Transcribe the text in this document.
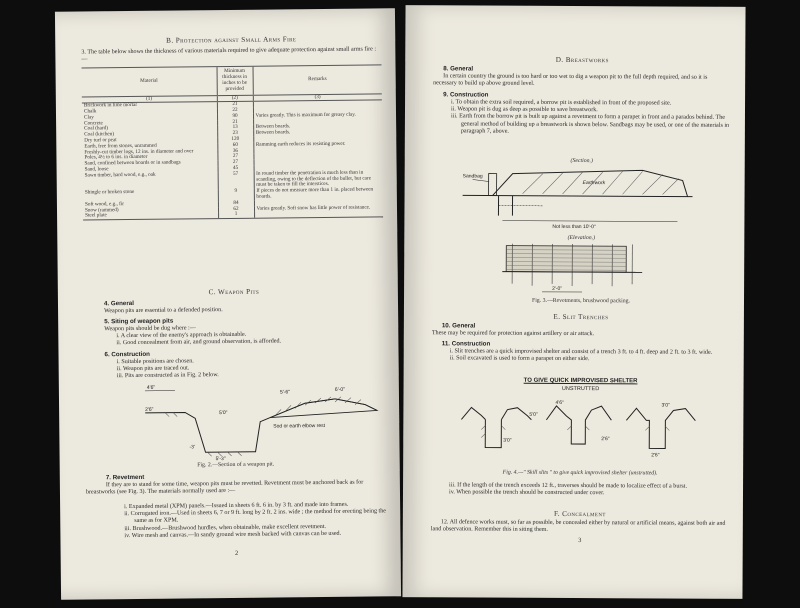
B. Protection against Small Arms Fire
3. The table below shows the thickness of various materials required to give adequate protection against small arms fire :—
Material	Minimum thickness in inches to be provided	Remarks
(1)	(2)	(3)
Brickwork in lime mortar	21	
Chalk	22	
Clay	90	Varies greatly. This is maximum for greasy clay.
Concrete	21	
Coal (hard)	13	Between boards.
Coal (kitchen)	23	Between boards.
Dry turf or peat	120	
Earth, free from stones, unrammed	60	Ramming earth reduces its resisting power.
Freshly-cut timber logs, 12 ins. in diameter and over	36	
Poles, 4½ to 6 ins. in diameter	27	
Sand, confined between boards or in sandbags	27	
Sand, loose	45	
Sawn timber, hard wood, e.g., oak	57	In round timber the penetration is much less than in scantling, owing to the deflection of the bullet, but care must be taken to fill the interstices.
Shingle or broken stone	9	If pieces do not measure more than 1 in. placed between boards.
Soft wood, e.g., fir	84	
Snow (rammed)	62	Varies greatly. Soft snow has little power of resistance.
Steel plate	1	
C. Weapon Pits
4. General
Weapon pits are essential to a defended position.
5. Siting of weapon pits
Weapon pits should be dug where :—
i. A clear view of the enemy's approach is obtainable.
ii. Good concealment from air, and ground observation, is afforded.
6. Construction
i. Suitable positions are chosen.
ii. Weapon pits are traced out.
iii. Pits are constructed as in Fig. 2 below.
4'6"
5'-6"	6'-0"
2'6"
5'0"
Sod or earth elbow rest
-3'
5'-3"
Fig. 2.—Section of a weapon pit.
7. Revetment
If they are to stand for some time, weapon pits must be revetted. Revetment must be anchored back as for breastworks (see Fig. 3). The materials normally used are :—
i. Expanded metal (XPM) panels.—Issued in sheets 6 ft. 6 in. by 3 ft. and made into frames.
ii. Corrugated iron.—Used in sheets 6, 7 or 9 ft. long by 2 ft. 2 ins. wide ; the method for erecting being the same as for XPM.
iii. Brushwood.—Brushwood hurdles, when obtainable, make excellent revetment.
iv. Wire mesh and canvas.—In sandy ground wire mesh backed with canvas can be used.
2
D. Breastworks
8. General
In certain country the ground is too hard or too wet to dig a weapon pit to the full depth required, and so it is necessary to build up above ground level.
9. Construction
i. To obtain the extra soil required, a borrow pit is established in front of the proposed site.
ii. Weapon pit is dug as deep as possible to save breastwork.
iii. Earth from the borrow pit is built up against a revetment to form a parapet in front and a parados behind. The general method of building up a breastwork is shown below. Sandbags may be used, or one of the materials in paragraph 7, above.
(Section.)
Sandbag
Earthwork
Not less than 10'-0"
(Elevation.)
2'-0"
Fig. 3.—Revetments, brushwood packing.
E. Slit Trenches
10. General
These may be required for protection against artillery or air attack.
11. Construction
i. Slit trenches are a quick improvised shelter and consist of a trench 3 ft. to 4 ft. deep and 2 ft. to 3 ft. wide.
ii. Soil excavated is used to form a parapet on either side.
TO GIVE QUICK IMPROVISED SHELTER
UNSTRUTTED
5'0"
3'0"
2'6"
3'0"
4'6"
2'6"
Fig. 4.—" Skill slits " to give quick improvised shelter (unstrutted).
iii. If the length of the trench exceeds 12 ft., traverses should be made to localize effect of a burst.
iv. When possible the trench should be constructed under cover.
F. Concealment
12. All defence works must, so far as possible, be concealed either by natural or artificial means, against both air and land observation. Remember this in siting them.
3
